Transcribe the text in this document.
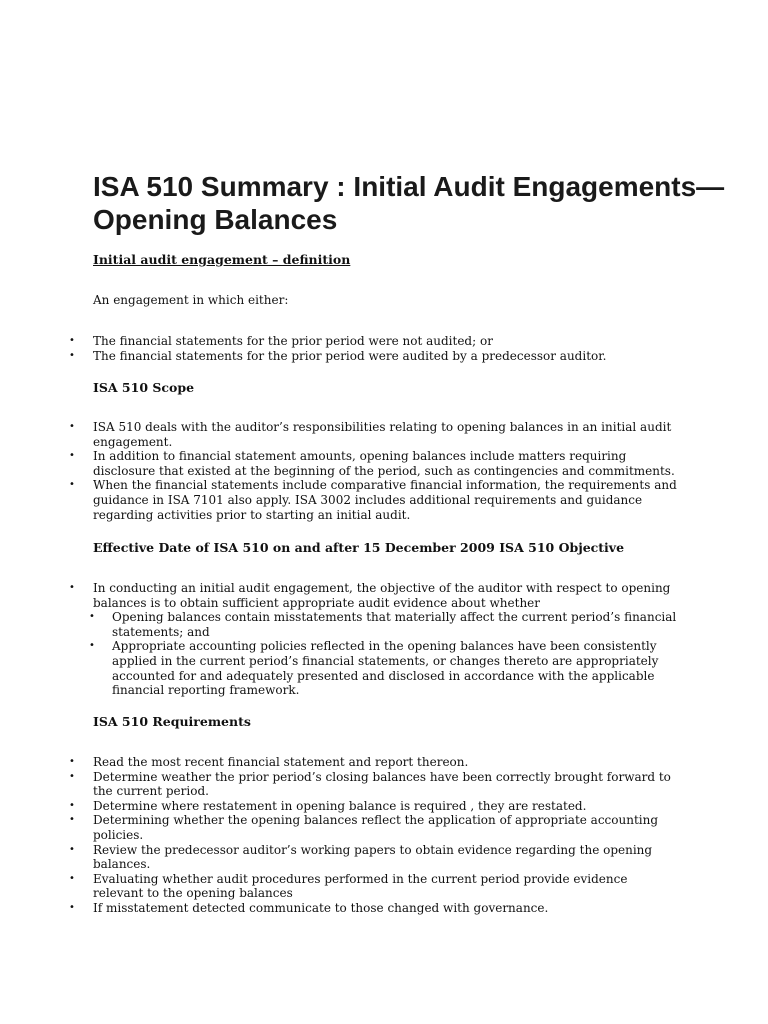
ISA 510 Summary : Initial Audit Engagements—Opening Balances
Initial audit engagement – definition

An engagement in which either:

• The financial statements for the prior period were not audited; or
• The financial statements for the prior period were audited by a predecessor auditor.
ISA 510 Scope
• ISA 510 deals with the auditor’s responsibilities relating to opening balances in an initial audit engagement.
• In addition to financial statement amounts, opening balances include matters requiring disclosure that existed at the beginning of the period, such as contingencies and commitments.
• When the financial statements include comparative financial information, the requirements and guidance in ISA 7101 also apply. ISA 3002 includes additional requirements and guidance regarding activities prior to starting an initial audit.
Effective Date of ISA 510 on and after 15 December 2009 ISA 510 Objective
• In conducting an initial audit engagement, the objective of the auditor with respect to opening balances is to obtain sufficient appropriate audit evidence about whether
• Opening balances contain misstatements that materially affect the current period’s financial statements; and
• Appropriate accounting policies reflected in the opening balances have been consistently applied in the current period’s financial statements, or changes thereto are appropriately accounted for and adequately presented and disclosed in accordance with the applicable financial reporting framework.
ISA 510 Requirements
• Read the most recent financial statement and report thereon.
• Determine weather the prior period’s closing balances have been correctly brought forward to the current period.
• Determine where restatement in opening balance is required , they are restated.
• Determining whether the opening balances reflect the application of appropriate accounting policies.
• Review the predecessor auditor’s working papers to obtain evidence regarding the opening balances.
• Evaluating whether audit procedures performed in the current period provide evidence relevant to the opening balances
• If misstatement detected communicate to those changed with governance.
